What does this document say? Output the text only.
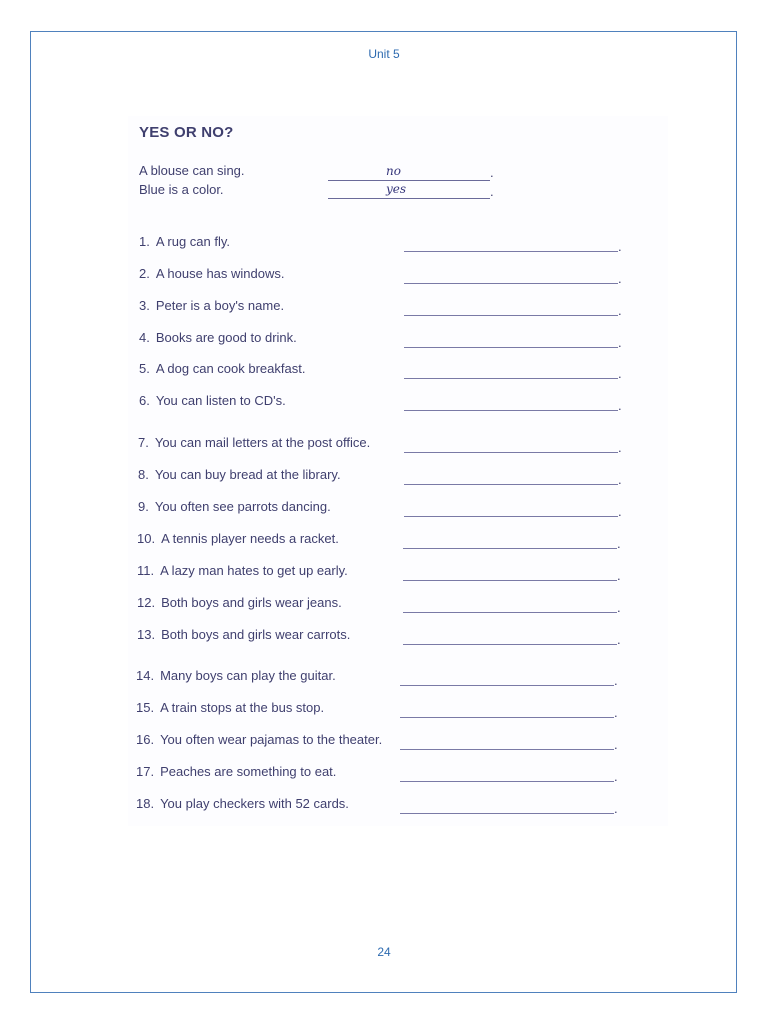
Unit 5
YES OR NO?
A blouse can sing.	no	.
Blue is a color.	yes	.
1. A rug can fly.	.
2. A house has windows.	.
3. Peter is a boy's name.	.
4. Books are good to drink.	.
5. A dog can cook breakfast.	.
6. You can listen to CD's.	.
7. You can mail letters at the post office.	.
8. You can buy bread at the library.	.
9. You often see parrots dancing.	.
10. A tennis player needs a racket.	.
11. A lazy man hates to get up early.	.
12. Both boys and girls wear jeans.	.
13. Both boys and girls wear carrots.	.
14. Many boys can play the guitar.	.
15. A train stops at the bus stop.	.
16. You often wear pajamas to the theater.	.
17. Peaches are something to eat.	.
18. You play checkers with 52 cards.	.
24
